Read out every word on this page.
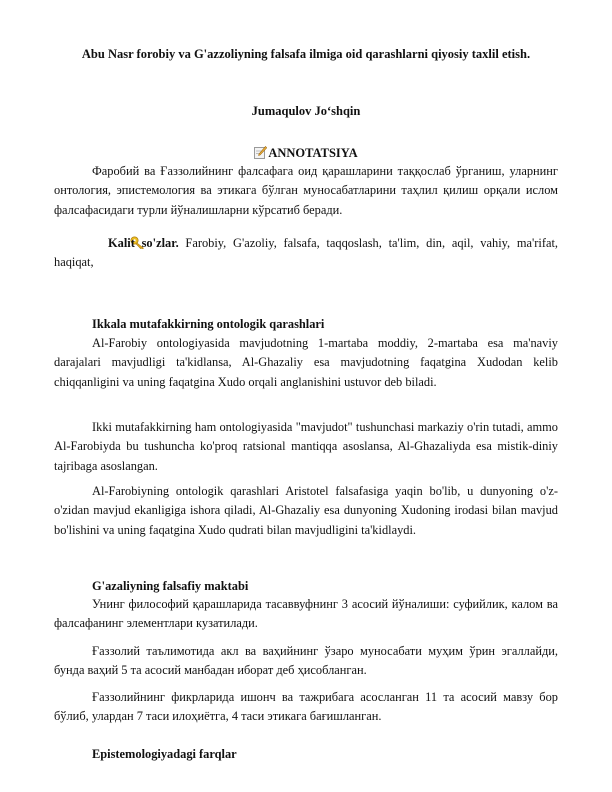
Abu Nasr forobiy va G'azzoliyning falsafa ilmiga oid qarashlarni qiyosiy taxlil etish.
Jumaqulov Jo‘shqin
ANNOTATSIYA

Фаробий ва Ғаззолийнинг фалсафага оид қарашларини таққослаб ўрганиш, уларнинг онтология, эпистемология ва этикага бўлган муносабатларини таҳлил қилиш орқали ислом фалсафасидаги турли йўналишларни кўрсатиб беради.

Kalit so'zlar. Farobiy, G'azoliy, falsafa, taqqoslash, ta'lim, din, aqil, vahiy, ma'rifat, haqiqat,

Ikkala mutafakkirning ontologik qarashlari

Al-Farobiy ontologiyasida mavjudotning 1-martaba moddiy, 2-martaba esa ma'naviy darajalari mavjudligi ta'kidlansa, Al-Ghazaliy esa mavjudotning faqatgina Xudodan kelib chiqqanligini va uning faqatgina Xudo orqali anglanishini ustuvor deb biladi.

Ikki mutafakkirning ham ontologiyasida "mavjudot" tushunchasi markaziy o'rin tutadi, ammo Al-Farobiyda bu tushuncha ko'proq ratsional mantiqqa asoslansa, Al-Ghazaliyda esa mistik-diniy tajribaga asoslangan.

Al-Farobiyning ontologik qarashlari Aristotel falsafasiga yaqin bo'lib, u dunyoning o'z-o'zidan mavjud ekanligiga ishora qiladi, Al-Ghazaliy esa dunyoning Xudoning irodasi bilan mavjud bo'lishini va uning faqatgina Xudo qudrati bilan mavjudligini ta'kidlaydi.

G'azaliyning falsafiy maktabi

Унинг философий қарашларида тасаввуфнинг 3 асосий йўналиши: суфийлик, калом ва фалсафанинг элементлари кузатилади.

Ғаззолий таълимотида акл ва ваҳийнинг ўзаро муносабати муҳим ўрин эгаллайди, бунда ваҳий 5 та асосий манбадан иборат деб ҳисобланган.

Ғаззолийнинг фикрларида ишонч ва тажрибага асосланган 11 та асосий мавзу бор бўлиб, улардан 7 таси илоҳиётга, 4 таси этикага бағишланган.

Epistemologiyadagi farqlar
